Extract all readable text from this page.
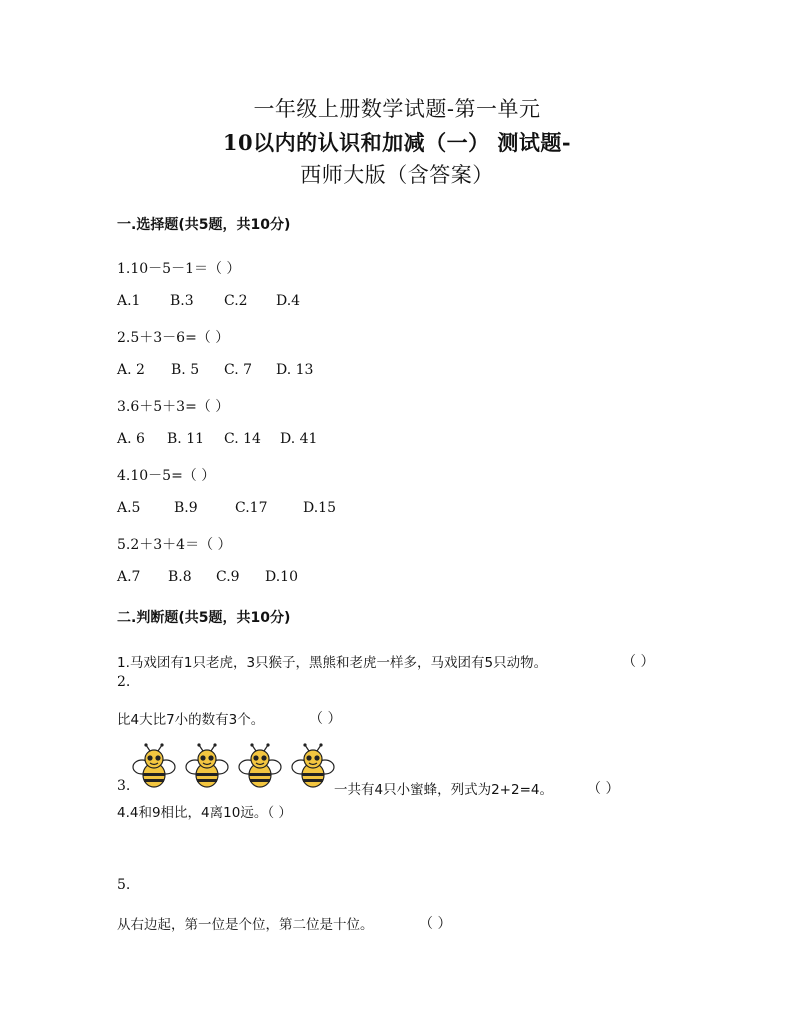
一年级上册数学试题-第一单元
10以内的认识和加减（一） 测试题-
西师大版（含答案）
一.选择题(共5题，共10分)
1.10－5－1＝（ ）
A.1 B.3 C.2 D.4
2.5＋3－6=（ ）
A. 2 B. 5 C. 7 D. 13
3.6＋5＋3=（ ）
A. 6 B. 11 C. 14 D. 41
4.10－5=（ ）
A.5 B.9	C.17	D.15
5.2＋3＋4＝（ ）
A.7 B.8 C.9 D.10
二.判断题(共5题，共10分)
1.马戏团有1只老虎，3只猴子，黑熊和老虎一样多，马戏团有5只动物。	（ ）
2.
比4大比7小的数有3个。	（ ）
3.	一共有4只小蜜蜂，列式为2+2=4。 （ ）
4.4和9相比，4离10远。（ ）
5.
从右边起，第一位是个位，第二位是十位。	（ ）
